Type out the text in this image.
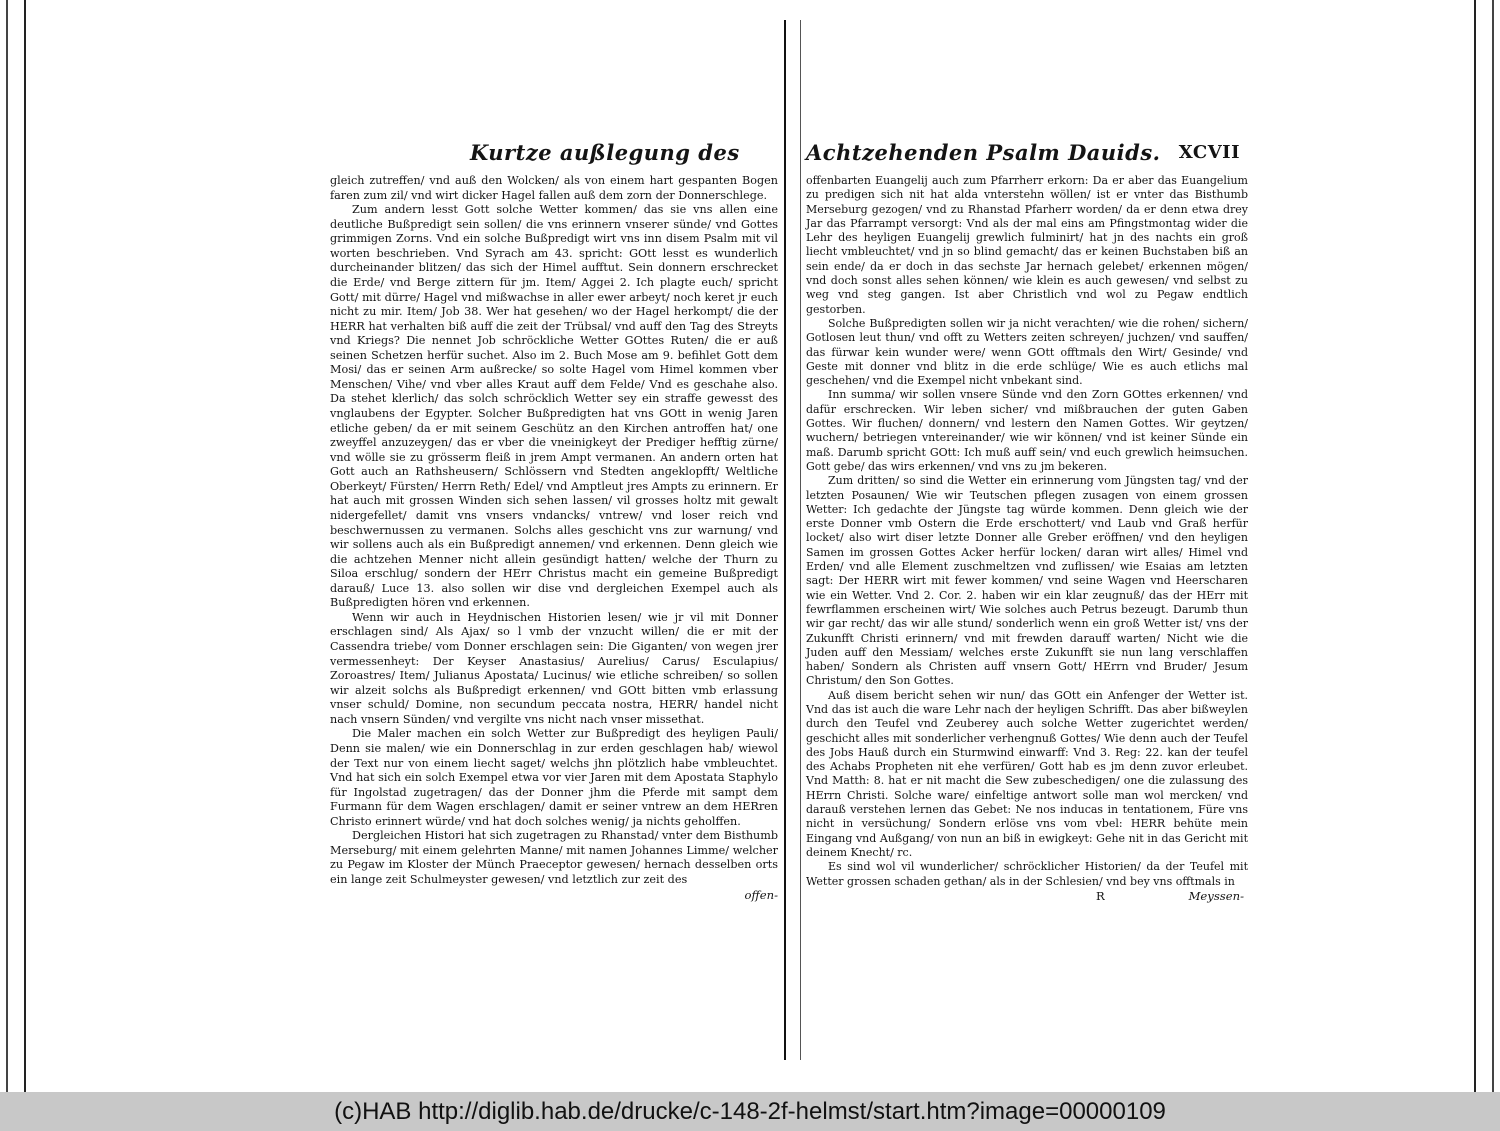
Kurtze außlegung des

gleich zutreffen/ vnd auß den Wolcken/ als von einem hart gespanten Bogen faren zum zil/ vnd wirt dicker Hagel fallen auß dem zorn der Donnerschlege.

Zum andern lesst Gott solche Wetter kommen/ das sie vns allen eine deutliche Bußpredigt sein sollen/ die vns erinnern vnserer sünde/ vnd Gottes grimmigen Zorns. Vnd ein solche Bußpredigt wirt vns inn disem Psalm mit vil worten beschrieben. Vnd Syrach am 43. spricht: GOtt lesst es wunderlich durcheinander blitzen/ das sich der Himel aufftut. Sein donnern erschrecket die Erde/ vnd Berge zittern für jm. Item/ Aggei 2. Ich plagte euch/ spricht Gott/ mit dürre/ Hagel vnd mißwachse in aller ewer arbeyt/ noch keret jr euch nicht zu mir. Item/ Job 38. Wer hat gesehen/ wo der Hagel herkompt/ die der HERR hat verhalten biß auff die zeit der Trübsal/ vnd auff den Tag des Streyts vnd Kriegs? Die nennet Job schröckliche Wetter GOttes Ruten/ die er auß seinen Schetzen herfür suchet. Also im 2. Buch Mose am 9. befihlet Gott dem Mosi/ das er seinen Arm außrecke/ so solte Hagel vom Himel kommen vber Menschen/ Vihe/ vnd vber alles Kraut auff dem Felde/ Vnd es geschahe also. Da stehet klerlich/ das solch schröcklich Wetter sey ein straffe gewesst des vnglaubens der Egypter. Solcher Bußpredigten hat vns GOtt in wenig Jaren etliche geben/ da er mit seinem Geschütz an den Kirchen antroffen hat/ one zweyffel anzuzeygen/ das er vber die vneinigkeyt der Prediger hefftig zürne/ vnd wölle sie zu grösserm fleiß in jrem Ampt vermanen. An andern orten hat Gott auch an Rathsheusern/ Schlössern vnd Stedten angeklopfft/ Weltliche Oberkeyt/ Fürsten/ Herrn Reth/ Edel/ vnd Amptleut jres Ampts zu erinnern. Er hat auch mit grossen Winden sich sehen lassen/ vil grosses holtz mit gewalt nidergefellet/ damit vns vnsers vndancks/ vntrew/ vnd loser reich vnd beschwernussen zu vermanen. Solchs alles geschicht vns zur warnung/ vnd wir sollens auch als ein Bußpredigt annemen/ vnd erkennen. Denn gleich wie die achtzehen Menner nicht allein gesündigt hatten/ welche der Thurn zu Siloa erschlug/ sondern der HErr Christus macht ein gemeine Bußpredigt darauß/ Luce 13. also sollen wir dise vnd dergleichen Exempel auch als Bußpredigten hören vnd erkennen.

Wenn wir auch in Heydnischen Historien lesen/ wie jr vil mit Donner erschlagen sind/ Als Ajax/ so l vmb der vnzucht willen/ die er mit der Cassendra triebe/ vom Donner erschlagen sein: Die Giganten/ von wegen jrer vermessenheyt: Der Keyser Anastasius/ Aurelius/ Carus/ Esculapius/ Zoroastres/ Item/ Julianus Apostata/ Lucinus/ wie etliche schreiben/ so sollen wir alzeit solchs als Bußpredigt erkennen/ vnd GOtt bitten vmb erlassung vnser schuld/ Domine, non secundum peccata nostra, HERR/ handel nicht nach vnsern Sünden/ vnd vergilte vns nicht nach vnser missethat.

Die Maler machen ein solch Wetter zur Bußpredigt des heyligen Pauli/ Denn sie malen/ wie ein Donnerschlag in zur erden geschlagen hab/ wiewol der Text nur von einem liecht saget/ welchs jhn plötzlich habe vmbleuchtet. Vnd hat sich ein solch Exempel etwa vor vier Jaren mit dem Apostata Staphylo für Ingolstad zugetragen/ das der Donner jhm die Pferde mit sampt dem Furmann für dem Wagen erschlagen/ damit er seiner vntrew an dem HERren Christo erinnert würde/ vnd hat doch solches wenig/ ja nichts geholffen.

Dergleichen Histori hat sich zugetragen zu Rhanstad/ vnter dem Bisthumb Merseburg/ mit einem gelehrten Manne/ mit namen Johannes Limme/ welcher zu Pegaw im Kloster der Münch Praeceptor gewesen/ hernach desselben orts ein lange zeit Schulmeyster gewesen/ vnd letztlich zur zeit des

offen-
Achtzehenden Psalm Dauids. XCVII

offenbarten Euangelij auch zum Pfarrherr erkorn: Da er aber das Euangelium zu predigen sich nit hat alda vnterstehn wöllen/ ist er vnter das Bisthumb Merseburg gezogen/ vnd zu Rhanstad Pfarherr worden/ da er denn etwa drey Jar das Pfarrampt versorgt: Vnd als der mal eins am Pfingstmontag wider die Lehr des heyligen Euangelij grewlich fulminirt/ hat jn des nachts ein groß liecht vmbleuchtet/ vnd jn so blind gemacht/ das er keinen Buchstaben biß an sein ende/ da er doch in das sechste Jar hernach gelebet/ erkennen mögen/ vnd doch sonst alles sehen können/ wie klein es auch gewesen/ vnd selbst zu weg vnd steg gangen. Ist aber Christlich vnd wol zu Pegaw endtlich gestorben.

Solche Bußpredigten sollen wir ja nicht verachten/ wie die rohen/ sichern/ Gotlosen leut thun/ vnd offt zu Wetters zeiten schreyen/ juchzen/ vnd sauffen/ das fürwar kein wunder were/ wenn GOtt offtmals den Wirt/ Gesinde/ vnd Geste mit donner vnd blitz in die erde schlüge/ Wie es auch etlichs mal geschehen/ vnd die Exempel nicht vnbekant sind.

Inn summa/ wir sollen vnsere Sünde vnd den Zorn GOttes erkennen/ vnd dafür erschrecken. Wir leben sicher/ vnd mißbrauchen der guten Gaben Gottes. Wir fluchen/ donnern/ vnd lestern den Namen Gottes. Wir geytzen/ wuchern/ betriegen vntereinander/ wie wir können/ vnd ist keiner Sünde ein maß. Darumb spricht GOtt: Ich muß auff sein/ vnd euch grewlich heimsuchen. Gott gebe/ das wirs erkennen/ vnd vns zu jm bekeren.

Zum dritten/ so sind die Wetter ein erinnerung vom Jüngsten tag/ vnd der letzten Posaunen/ Wie wir Teutschen pflegen zusagen von einem grossen Wetter: Ich gedachte der Jüngste tag würde kommen. Denn gleich wie der erste Donner vmb Ostern die Erde erschottert/ vnd Laub vnd Graß herfür locket/ also wirt diser letzte Donner alle Greber eröffnen/ vnd den heyligen Samen im grossen Gottes Acker herfür locken/ daran wirt alles/ Himel vnd Erden/ vnd alle Element zuschmeltzen vnd zuflissen/ wie Esaias am letzten sagt: Der HERR wirt mit fewer kommen/ vnd seine Wagen vnd Heerscharen wie ein Wetter. Vnd 2. Cor. 2. haben wir ein klar zeugnuß/ das der HErr mit fewrflammen erscheinen wirt/ Wie solches auch Petrus bezeugt. Darumb thun wir gar recht/ das wir alle stund/ sonderlich wenn ein groß Wetter ist/ vns der Zukunfft Christi erinnern/ vnd mit frewden darauff warten/ Nicht wie die Juden auff den Messiam/ welches erste Zukunfft sie nun lang verschlaffen haben/ Sondern als Christen auff vnsern Gott/ HErrn vnd Bruder/ Jesum Christum/ den Son Gottes.

Auß disem bericht sehen wir nun/ das GOtt ein Anfenger der Wetter ist. Vnd das ist auch die ware Lehr nach der heyligen Schrifft. Das aber bißweylen durch den Teufel vnd Zeuberey auch solche Wetter zugerichtet werden/ geschicht alles mit sonderlicher verhengnuß Gottes/ Wie denn auch der Teufel des Jobs Hauß durch ein Sturmwind einwarff: Vnd 3. Reg: 22. kan der teufel des Achabs Propheten nit ehe verfüren/ Gott hab es jm denn zuvor erleubet. Vnd Matth: 8. hat er nit macht die Sew zubeschedigen/ one die zulassung des HErrn Christi. Solche ware/ einfeltige antwort solle man wol mercken/ vnd darauß verstehen lernen das Gebet: Ne nos inducas in tentationem, Füre vns nicht in versüchung/ Sondern erlöse vns vom vbel: HERR behüte mein Eingang vnd Außgang/ von nun an biß in ewigkeyt: Gehe nit in das Gericht mit deinem Knecht/ rc.

Es sind wol vil wunderlicher/ schröcklicher Historien/ da der Teufel mit Wetter grossen schaden gethan/ als in der Schlesien/ vnd bey vns offtmals in

R	Meyssen-
(c)HAB http://diglib.hab.de/drucke/c-148-2f-helmst/start.htm?image=00000109
